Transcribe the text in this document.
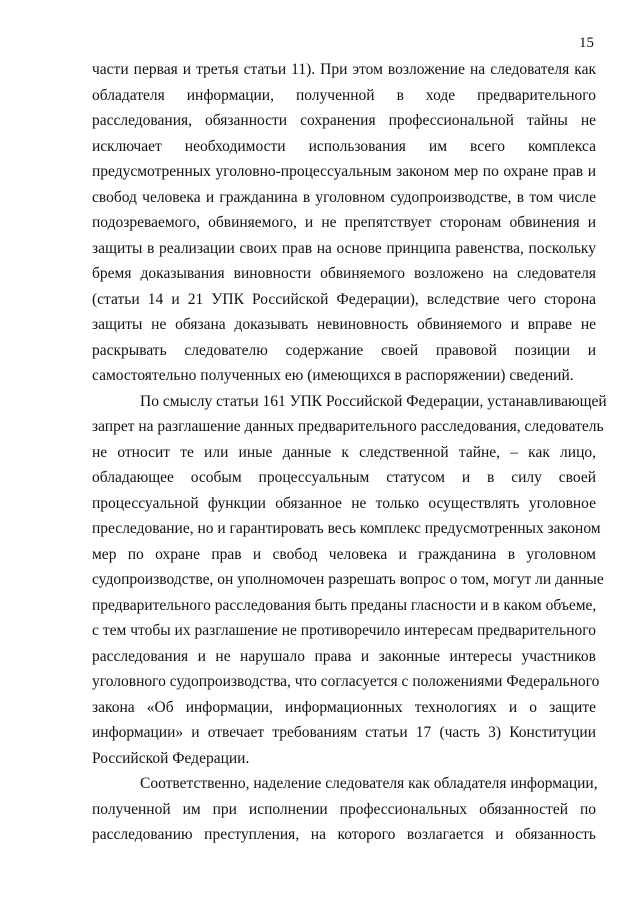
15
части первая и третья статьи 11). При этом возложение на следователя как
обладателя информации, полученной в ходе предварительного
расследования, обязанности сохранения профессиональной тайны не
исключает необходимости использования им всего комплекса
предусмотренных уголовно-процессуальным законом мер по охране прав и
свобод человека и гражданина в уголовном судопроизводстве, в том числе
подозреваемого, обвиняемого, и не препятствует сторонам обвинения и
защиты в реализации своих прав на основе принципа равенства, поскольку
бремя доказывания виновности обвиняемого возложено на следователя
(статьи 14 и 21 УПК Российской Федерации), вследствие чего сторона
защиты не обязана доказывать невиновность обвиняемого и вправе не
раскрывать следователю содержание своей правовой позиции и
самостоятельно полученных ею (имеющихся в распоряжении) сведений.
По смыслу статьи 161 УПК Российской Федерации, устанавливающей
запрет на разглашение данных предварительного расследования, следователь
не относит те или иные данные к следственной тайне, – как лицо,
обладающее особым процессуальным статусом и в силу своей
процессуальной функции обязанное не только осуществлять уголовное
преследование, но и гарантировать весь комплекс предусмотренных законом
мер по охране прав и свобод человека и гражданина в уголовном
судопроизводстве, он уполномочен разрешать вопрос о том, могут ли данные
предварительного расследования быть преданы гласности и в каком объеме,
с тем чтобы их разглашение не противоречило интересам предварительного
расследования и не нарушало права и законные интересы участников
уголовного судопроизводства, что согласуется с положениями Федерального
закона «Об информации, информационных технологиях и о защите
информации» и отвечает требованиям статьи 17 (часть 3) Конституции
Российской Федерации.
Соответственно, наделение следователя как обладателя информации,
полученной им при исполнении профессиональных обязанностей по
расследованию преступления, на которого возлагается и обязанность
